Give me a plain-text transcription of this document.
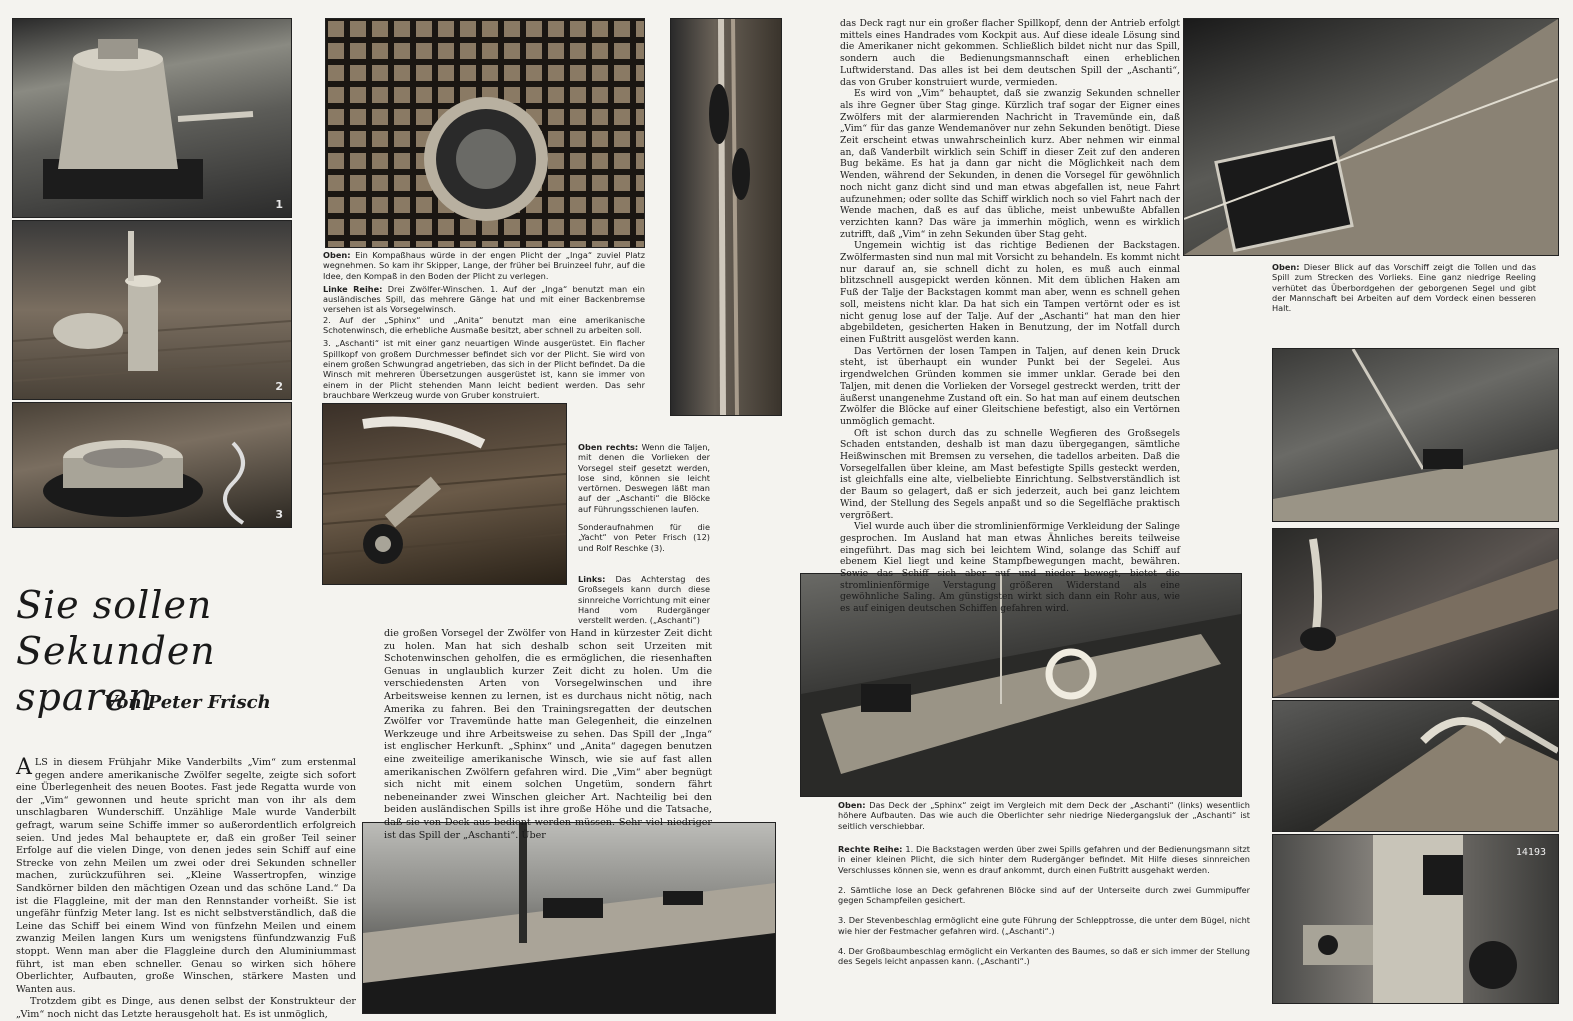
1
2
3
14193

Oben: Ein Kompaßhaus würde in der engen Plicht der „Inga“ zuviel Platz wegnehmen. So kam ihr Skipper, Lange, der früher bei Bruinzeel fuhr, auf die Idee, den Kompaß in den Boden der Plicht zu verlegen.

Linke Reihe: Drei Zwölfer-Winschen. 1. Auf der „Inga“ benutzt man ein ausländisches Spill, das mehrere Gänge hat und mit einer Backenbremse versehen ist als Vorsegelwinsch.

2. Auf der „Sphinx“ und „Anita“ benutzt man eine amerikanische Schotenwinsch, die erhebliche Ausmaße besitzt, aber schnell zu arbeiten soll.

3. „Aschanti“ ist mit einer ganz neuartigen Winde ausgerüstet. Ein flacher Spillkopf von großem Durchmesser befindet sich vor der Plicht. Sie wird von einem großen Schwungrad angetrieben, das sich in der Plicht befindet. Da die Winsch mit mehreren Übersetzungen ausgerüstet ist, kann sie immer von einem in der Plicht stehenden Mann leicht bedient werden. Das sehr brauchbare Werkzeug wurde von Gruber konstruiert.

Oben rechts: Wenn die Taljen, mit denen die Vorlieken der Vorsegel steif gesetzt werden, lose sind, können sie leicht vertörnen. Deswegen läßt man auf der „Aschanti“ die Blöcke auf Führungsschienen laufen.

Sonderaufnahmen für die „Yacht“ von Peter Frisch (12) und Rolf Reschke (3).

Links: Das Achterstag des Großsegels kann durch diese sinnreiche Vorrichtung mit einer Hand vom Rudergänger verstellt werden. („Aschanti“)

Oben: Dieser Blick auf das Vorschiff zeigt die Tollen und das Spill zum Strecken des Vorlieks. Eine ganz niedrige Reeling verhütet das Überbordgehen der geborgenen Segel und gibt der Mannschaft bei Arbeiten auf dem Vordeck einen besseren Halt.

Oben: Das Deck der „Sphinx“ zeigt im Vergleich mit dem Deck der „Aschanti“ (links) wesentlich höhere Aufbauten. Das wie auch die Oberlichter sehr niedrige Niedergangsluk der „Aschanti“ ist seitlich verschiebbar.

Rechte Reihe: 1. Die Backstagen werden über zwei Spills gefahren und der Bedienungsmann sitzt in einer kleinen Plicht, die sich hinter dem Rudergänger befindet. Mit Hilfe dieses sinnreichen Verschlusses können sie, wenn es drauf ankommt, durch einen Fußtritt ausgehakt werden.

2. Sämtliche lose an Deck gefahrenen Blöcke sind auf der Unterseite durch zwei Gummipuffer gegen Schampfeilen gesichert.

3. Der Stevenbeschlag ermöglicht eine gute Führung der Schlepptrosse, die unter dem Bügel, nicht wie hier der Festmacher gefahren wird. („Aschanti“.)

4. Der Großbaumbeschlag ermöglicht ein Verkanten des Baumes, so daß er sich immer der Stellung des Segels leicht anpassen kann. („Aschanti“.)

Sie sollen
Sekunden sparen
Von Peter Frisch

ALS in diesem Frühjahr Mike Vanderbilts „Vim“ zum erstenmal gegen andere amerikanische Zwölfer segelte, zeigte sich sofort eine Überlegenheit des neuen Bootes. Fast jede Regatta wurde von der „Vim“ gewonnen und heute spricht man von ihr als dem unschlagbaren Wunderschiff. Unzählige Male wurde Vanderbilt gefragt, warum seine Schiffe immer so außerordentlich erfolgreich seien. Und jedes Mal behauptete er, daß ein großer Teil seiner Erfolge auf die vielen Dinge, von denen jedes sein Schiff auf eine Strecke von zehn Meilen um zwei oder drei Sekunden schneller machen, zurückzuführen sei. „Kleine Wassertropfen, winzige Sandkörner bilden den mächtigen Ozean und das schöne Land.“ Da ist die Flaggleine, mit der man den Rennstander vorheißt. Sie ist ungefähr fünfzig Meter lang. Ist es nicht selbstverständlich, daß die Leine das Schiff bei einem Wind von fünfzehn Meilen und einem zwanzig Meilen langen Kurs um wenigstens fünfundzwanzig Fuß stoppt. Wenn man aber die Flaggleine durch den Aluminiummast führt, ist man eben schneller. Genau so wirken sich höhere Oberlichter, Aufbauten, große Winschen, stärkere Masten und Wanten aus.

Trotzdem gibt es Dinge, aus denen selbst der Konstrukteur der „Vim“ noch nicht das Letzte herausgeholt hat. Es ist unmöglich,

die großen Vorsegel der Zwölfer von Hand in kürzester Zeit dicht zu holen. Man hat sich deshalb schon seit Urzeiten mit Schotenwinschen geholfen, die es ermöglichen, die riesenhaften Genuas in unglaublich kurzer Zeit dicht zu holen. Um die verschiedensten Arten von Vorsegelwinschen und ihre Arbeitsweise kennen zu lernen, ist es durchaus nicht nötig, nach Amerika zu fahren. Bei den Trainingsregatten der deutschen Zwölfer vor Travemünde hatte man Gelegenheit, die einzelnen Werkzeuge und ihre Arbeitsweise zu sehen. Das Spill der „Inga“ ist englischer Herkunft. „Sphinx“ und „Anita“ dagegen benutzen eine zweiteilige amerikanische Winsch, wie sie auf fast allen amerikanischen Zwölfern gefahren wird. Die „Vim“ aber begnügt sich nicht mit einem solchen Ungetüm, sondern fährt nebeneinander zwei Winschen gleicher Art. Nachteilig bei den beiden ausländischen Spills ist ihre große Höhe und die Tatsache, daß sie von Deck aus bedient werden müssen. Sehr viel niedriger ist das Spill der „Aschanti“. Über

das Deck ragt nur ein großer flacher Spillkopf, denn der Antrieb erfolgt mittels eines Handrades vom Kockpit aus. Auf diese ideale Lösung sind die Amerikaner nicht gekommen. Schließlich bildet nicht nur das Spill, sondern auch die Bedienungsmannschaft einen erheblichen Luftwiderstand. Das alles ist bei dem deutschen Spill der „Aschanti“, das von Gruber konstruiert wurde, vermieden.

Es wird von „Vim“ behauptet, daß sie zwanzig Sekunden schneller als ihre Gegner über Stag ginge. Kürzlich traf sogar der Eigner eines Zwölfers mit der alarmierenden Nachricht in Travemünde ein, daß „Vim“ für das ganze Wendemanöver nur zehn Sekunden benötigt. Diese Zeit erscheint etwas unwahrscheinlich kurz. Aber nehmen wir einmal an, daß Vanderbilt wirklich sein Schiff in dieser Zeit zuf den anderen Bug bekäme. Es hat ja dann gar nicht die Möglichkeit nach dem Wenden, während der Sekunden, in denen die Vorsegel für gewöhnlich noch nicht ganz dicht sind und man etwas abgefallen ist, neue Fahrt aufzunehmen; oder sollte das Schiff wirklich noch so viel Fahrt nach der Wende machen, daß es auf das übliche, meist unbewußte Abfallen verzichten kann? Das wäre ja immerhin möglich, wenn es wirklich zutrifft, daß „Vim“ in zehn Sekunden über Stag geht.

Ungemein wichtig ist das richtige Bedienen der Backstagen. Zwölfermasten sind nun mal mit Vorsicht zu behandeln. Es kommt nicht nur darauf an, sie schnell dicht zu holen, es muß auch einmal blitzschnell ausgepickt werden können. Mit dem üblichen Haken am Fuß der Talje der Backstagen kommt man aber, wenn es schnell gehen soll, meistens nicht klar. Da hat sich ein Tampen vertörnt oder es ist nicht genug lose auf der Talje. Auf der „Aschanti“ hat man den hier abgebildeten, gesicherten Haken in Benutzung, der im Notfall durch einen Fußtritt ausgelöst werden kann.

Das Vertörnen der losen Tampen in Taljen, auf denen kein Druck steht, ist überhaupt ein wunder Punkt bei der Segelei. Aus irgendwelchen Gründen kommen sie immer unklar. Gerade bei den Taljen, mit denen die Vorlieken der Vorsegel gestreckt werden, tritt der äußerst unangenehme Zustand oft ein. So hat man auf einem deutschen Zwölfer die Blöcke auf einer Gleitschiene befestigt, also ein Vertörnen unmöglich gemacht.

Oft ist schon durch das zu schnelle Wegfieren des Großsegels Schaden entstanden, deshalb ist man dazu übergegangen, sämtliche Heißwinschen mit Bremsen zu versehen, die tadellos arbeiten. Daß die Vorsegelfallen über kleine, am Mast befestigte Spills gesteckt werden, ist gleichfalls eine alte, vielbeliebte Einrichtung. Selbstverständlich ist der Baum so gelagert, daß er sich jederzeit, auch bei ganz leichtem Wind, der Stellung des Segels anpaßt und so die Segelfläche praktisch vergrößert.

Viel wurde auch über die stromlinienförmige Verkleidung der Salinge gesprochen. Im Ausland hat man etwas Ähnliches bereits teilweise eingeführt. Das mag sich bei leichtem Wind, solange das Schiff auf ebenem Kiel liegt und keine Stampfbewegungen macht, bewähren. Sowie das Schiff sich aber auf und nieder bewegt, bietet die stromlinienförmige Verstagung größeren Widerstand als eine gewöhnliche Saling. Am günstigsten wirkt sich dann ein Rohr aus, wie es auf einigen deutschen Schiffen gefahren wird.
